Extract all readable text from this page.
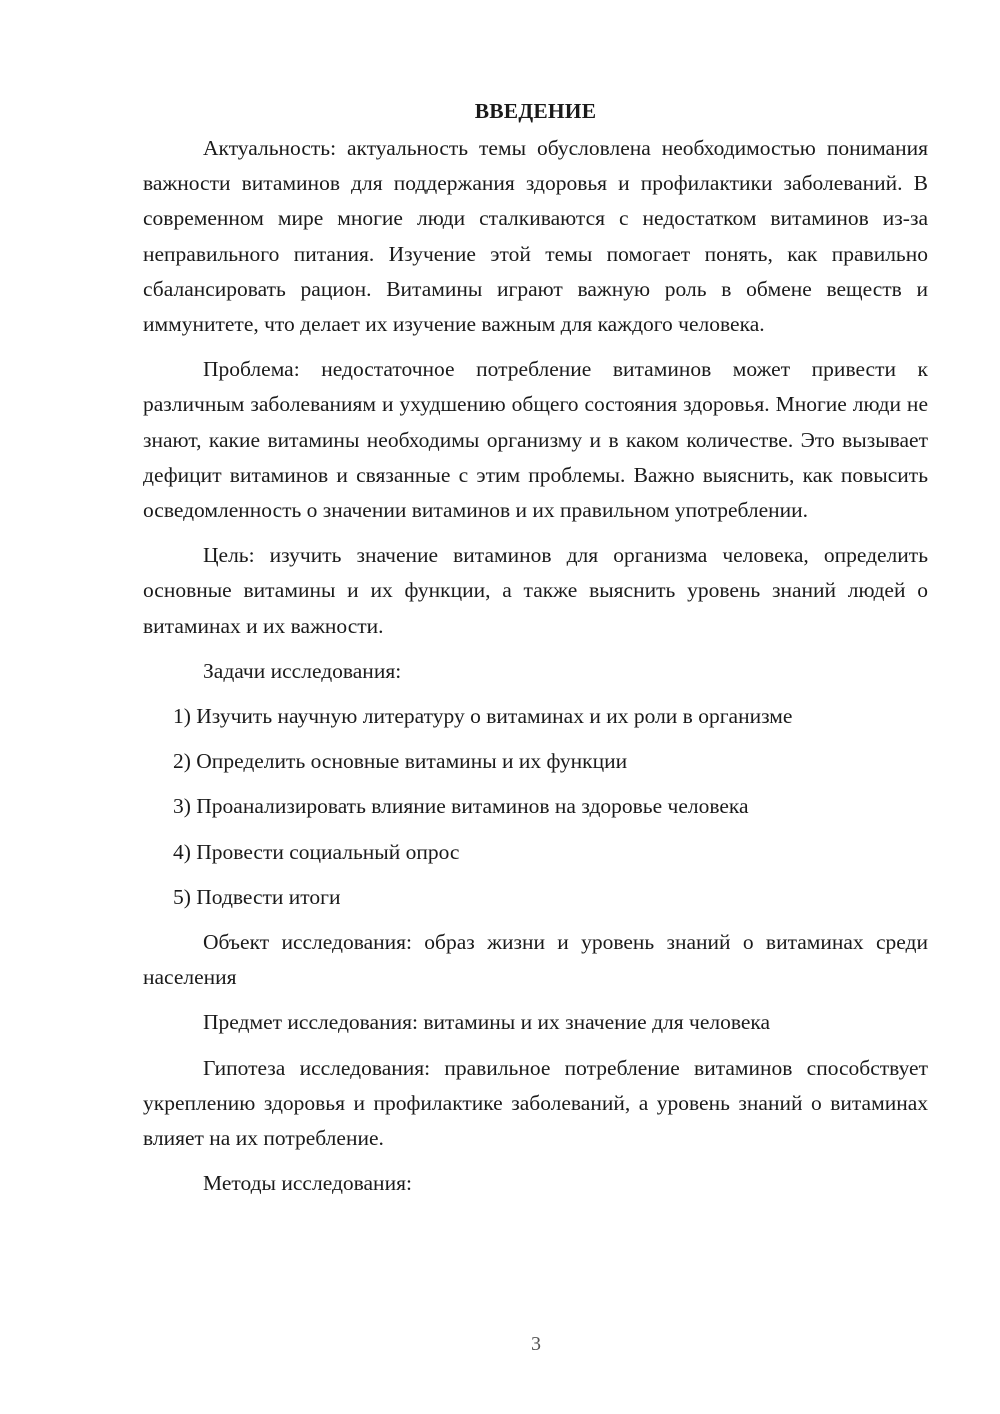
ВВЕДЕНИЕ

Актуальность: актуальность темы обусловлена необходимостью понимания важности витаминов для поддержания здоровья и профилактики заболеваний. В современном мире многие люди сталкиваются с недостатком витаминов из-за неправильного питания. Изучение этой темы помогает понять, как правильно сбалансировать рацион. Витамины играют важную роль в обмене веществ и иммунитете, что делает их изучение важным для каждого человека.

Проблема: недостаточное потребление витаминов может привести к различным заболеваниям и ухудшению общего состояния здоровья. Многие люди не знают, какие витамины необходимы организму и в каком количестве. Это вызывает дефицит витаминов и связанные с этим проблемы. Важно выяснить, как повысить осведомленность о значении витаминов и их правильном употреблении.

Цель: изучить значение витаминов для организма человека, определить основные витамины и их функции, а также выяснить уровень знаний людей о витаминах и их важности.

Задачи исследования:

1) Изучить научную литературу о витаминах и их роли в организме
2) Определить основные витамины и их функции
3) Проанализировать влияние витаминов на здоровье человека
4) Провести социальный опрос
5) Подвести итоги

Объект исследования: образ жизни и уровень знаний о витаминах среди населения

Предмет исследования: витамины и их значение для человека

Гипотеза исследования: правильное потребление витаминов способствует укреплению здоровья и профилактике заболеваний, а уровень знаний о витаминах влияет на их потребление.

Методы исследования:

3
